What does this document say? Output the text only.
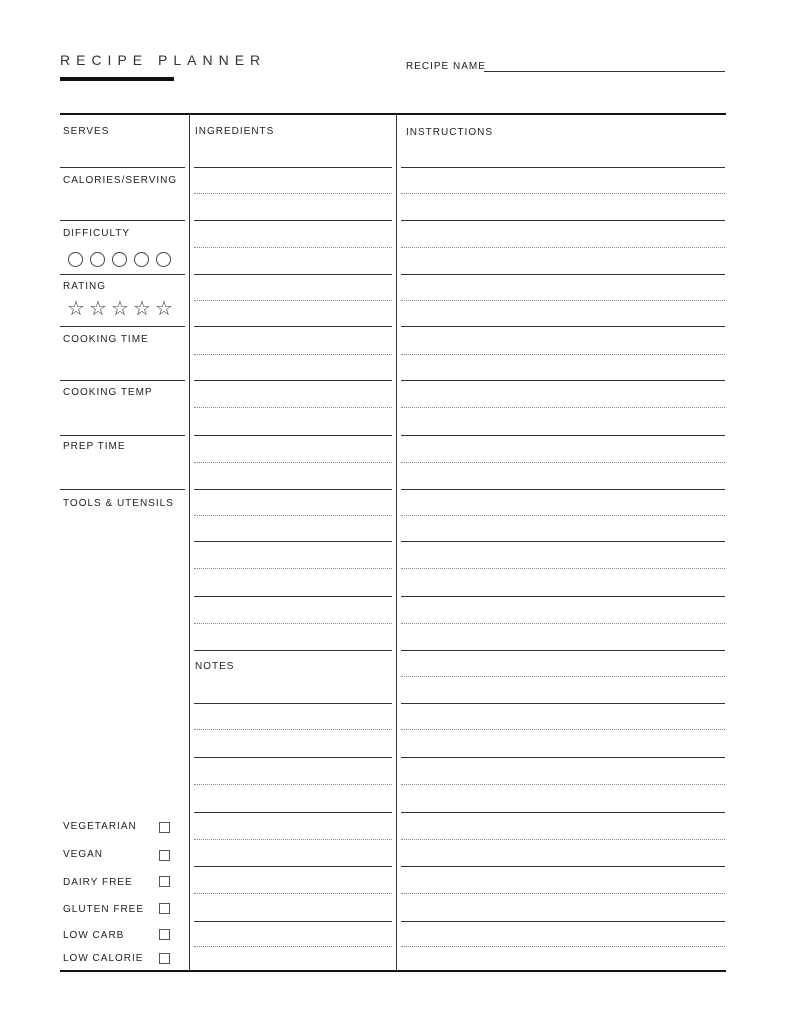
RECIPE PLANNER	RECIPE NAME
SERVES
CALORIES/SERVING
DIFFICULTY
RATING
☆ ☆ ☆ ☆ ☆
COOKING TIME
COOKING TEMP
PREP TIME
TOOLS & UTENSILS
VEGETARIAN
VEGAN
DAIRY FREE
GLUTEN FREE
LOW CARB
LOW CALORIE
INGREDIENTS
NOTES
INSTRUCTIONS
